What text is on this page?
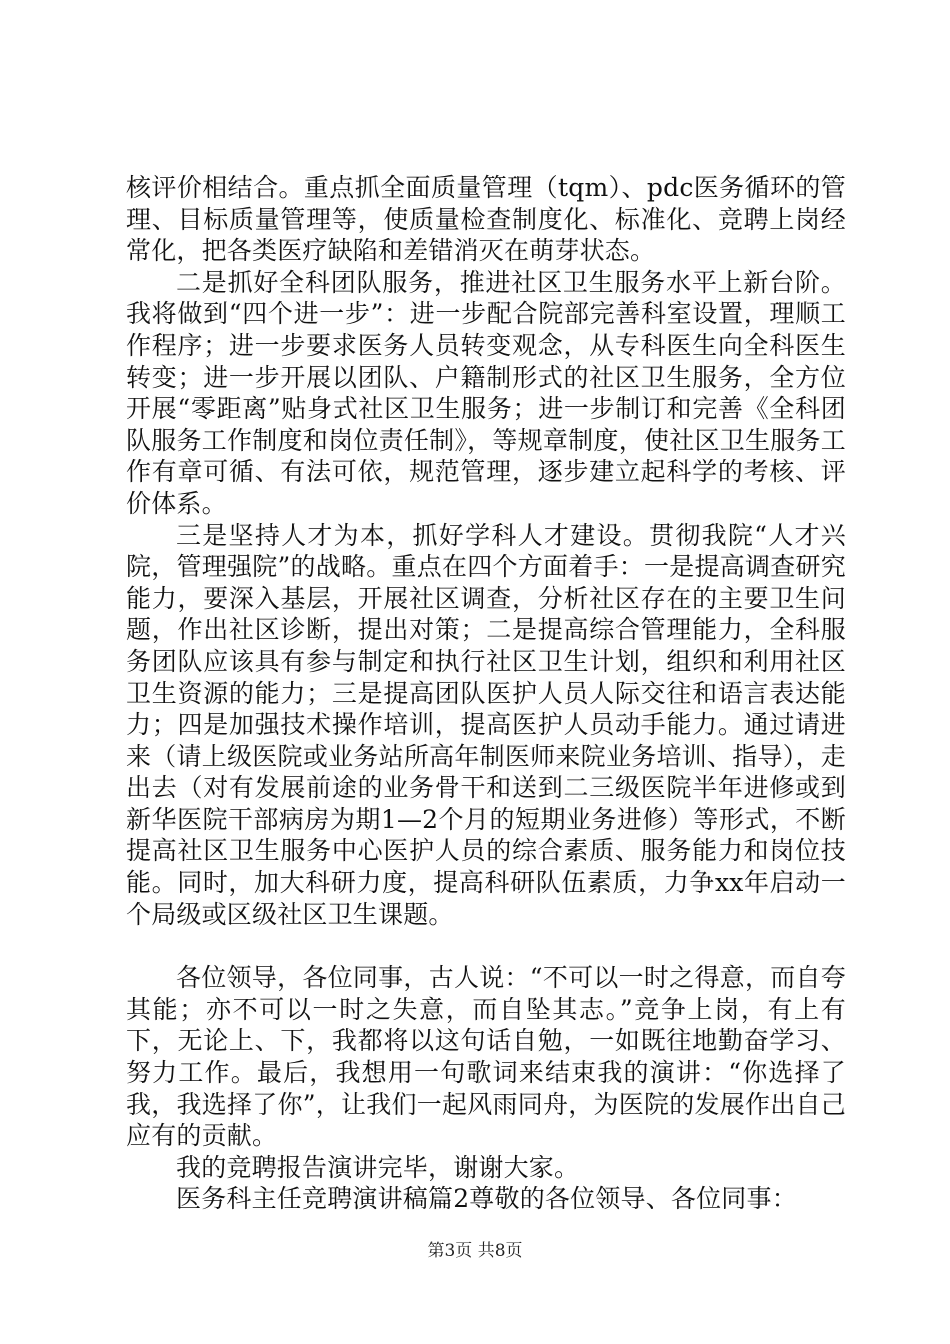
核评价相结合。重点抓全面质量管理（tqm）、pdc医务循环的管理、目标质量管理等，使质量检查制度化、标准化、竞聘上岗经常化，把各类医疗缺陷和差错消灭在萌芽状态。

二是抓好全科团队服务，推进社区卫生服务水平上新台阶。我将做到“四个进一步”：进一步配合院部完善科室设置，理顺工作程序；进一步要求医务人员转变观念，从专科医生向全科医生转变；进一步开展以团队、户籍制形式的社区卫生服务，全方位开展“零距离”贴身式社区卫生服务；进一步制订和完善《全科团队服务工作制度和岗位责任制》，等规章制度，使社区卫生服务工作有章可循、有法可依，规范管理，逐步建立起科学的考核、评价体系。

三是坚持人才为本，抓好学科人才建设。贯彻我院“人才兴院，管理强院”的战略。重点在四个方面着手：一是提高调查研究能力，要深入基层，开展社区调查，分析社区存在的主要卫生问题，作出社区诊断，提出对策；二是提高综合管理能力，全科服务团队应该具有参与制定和执行社区卫生计划，组织和利用社区卫生资源的能力；三是提高团队医护人员人际交往和语言表达能力；四是加强技术操作培训，提高医护人员动手能力。通过请进来（请上级医院或业务站所高年制医师来院业务培训、指导），走出去（对有发展前途的业务骨干和送到二三级医院半年进修或到新华医院干部病房为期1—2个月的短期业务进修）等形式，不断提高社区卫生服务中心医护人员的综合素质、服务能力和岗位技能。同时，加大科研力度，提高科研队伍素质，力争xx年启动一个局级或区级社区卫生课题。

各位领导，各位同事，古人说：“不可以一时之得意，而自夸其能；亦不可以一时之失意，而自坠其志。”竞争上岗，有上有下，无论上、下，我都将以这句话自勉，一如既往地勤奋学习、努力工作。最后，我想用一句歌词来结束我的演讲：“你选择了我，我选择了你”，让我们一起风雨同舟，为医院的发展作出自己应有的贡献。

我的竞聘报告演讲完毕，谢谢大家。

医务科主任竞聘演讲稿篇2尊敬的各位领导、各位同事：

第3页 共8页
